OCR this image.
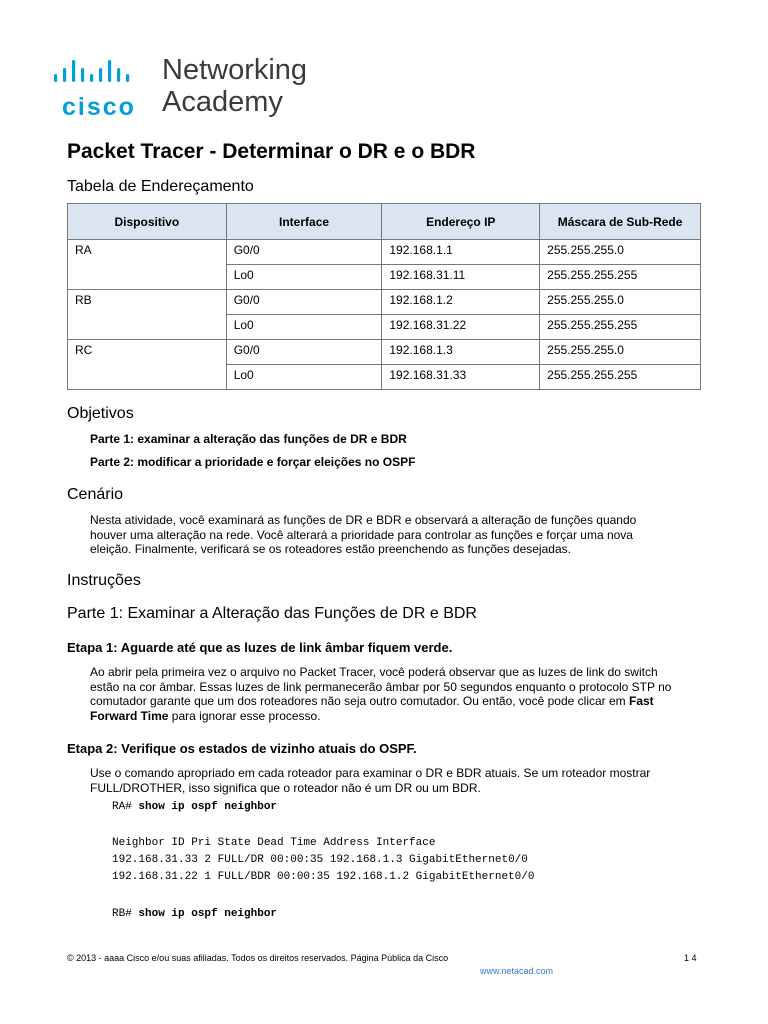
cisco
Networking
Academy
Packet Tracer - Determinar o DR e o BDR
Tabela de Endereçamento
Dispositivo	Interface	Endereço IP	Máscara de Sub-Rede
RA	G0/0	192.168.1.1	255.255.255.0
	Lo0	192.168.31.11	255.255.255.255
RB	G0/0	192.168.1.2	255.255.255.0
	Lo0	192.168.31.22	255.255.255.255
RC	G0/0	192.168.1.3	255.255.255.0
	Lo0	192.168.31.33	255.255.255.255
Objetivos
Parte 1: examinar a alteração das funções de DR e BDR
Parte 2: modificar a prioridade e forçar eleições no OSPF
Cenário
Nesta atividade, você examinará as funções de DR e BDR e observará a alteração de funções quando
houver uma alteração na rede. Você alterará a prioridade para controlar as funções e forçar uma nova
eleição. Finalmente, verificará se os roteadores estão preenchendo as funções desejadas.
Instruções
Parte 1: Examinar a Alteração das Funções de DR e BDR
Etapa 1: Aguarde até que as luzes de link âmbar fiquem verde.
Ao abrir pela primeira vez o arquivo no Packet Tracer, você poderá observar que as luzes de link do switch
estão na cor âmbar. Essas luzes de link permanecerão âmbar por 50 segundos enquanto o protocolo STP no
comutador garante que um dos roteadores não seja outro comutador. Ou então, você pode clicar em Fast
Forward Time para ignorar esse processo.
Etapa 2: Verifique os estados de vizinho atuais do OSPF.
Use o comando apropriado em cada roteador para examinar o DR e BDR atuais. Se um roteador mostrar
FULL/DROTHER, isso significa que o roteador não é um DR ou um BDR.
RA# show ip ospf neighbor
Neighbor ID Pri State Dead Time Address Interface
192.168.31.33 2 FULL/DR 00:00:35 192.168.1.3 GigabitEthernet0/0
192.168.31.22 1 FULL/BDR 00:00:35 192.168.1.2 GigabitEthernet0/0
RB# show ip ospf neighbor
© 2013 - aaaa Cisco e/ou suas afiliadas. Todos os direitos reservados. Página Pública da Cisco	1 4
www.netacad.com
